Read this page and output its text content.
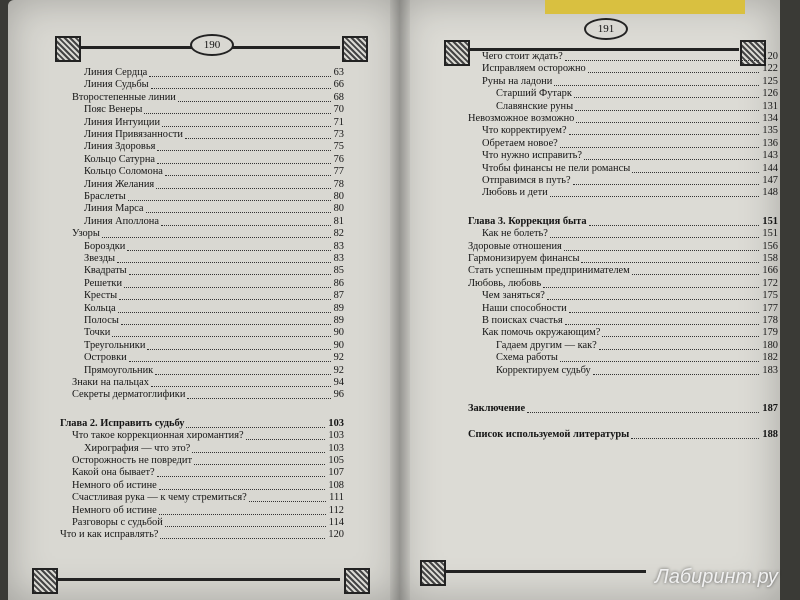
190
191
Линия Сердца	63
Линия Судьбы	66
Второстепенные линии	68
Пояс Венеры	70
Линия Интуиции	71
Линия Привязанности	73
Линия Здоровья	75
Кольцо Сатурна	76
Кольцо Соломона	77
Линия Желания	78
Браслеты	80
Линия Марса	80
Линия Аполлона	81
Узоры	82
Бороздки	83
Звезды	83
Квадраты	85
Решетки	86
Кресты	87
Кольца	89
Полосы	89
Точки	90
Треугольники	90
Островки	92
Прямоугольник	92
Знаки на пальцах	94
Секреты дерматоглифики	96
Глава 2. Исправить судьбу	103
Что такое коррекционная хиромантия?	103
Хирография — что это?	103
Осторожность не повредит	105
Какой она бывает?	107
Немного об истине	108
Счастливая рука — к чему стремиться?	111
Немного об истине	112
Разговоры с судьбой	114
Что и как исправлять?	120
Чего стоит ждать?	120
Исправляем осторожно	122
Руны на ладони	125
Старший Футарк	126
Славянские руны	131
Невозможное возможно	134
Что корректируем?	135
Обретаем новое?	136
Что нужно исправить?	143
Чтобы финансы не пели романсы	144
Отправимся в путь?	147
Любовь и дети	148
Глава 3. Коррекция быта	151
Как не болеть?	151
Здоровые отношения	156
Гармонизируем финансы	158
Стать успешным предпринимателем	166
Любовь, любовь	172
Чем заняться?	175
Наши способности	177
В поисках счастья	178
Как помочь окружающим?	179
Гадаем другим — как?	180
Схема работы	182
Корректируем судьбу	183
Заключение	187
Список используемой литературы	188
Лабиринт.ру
